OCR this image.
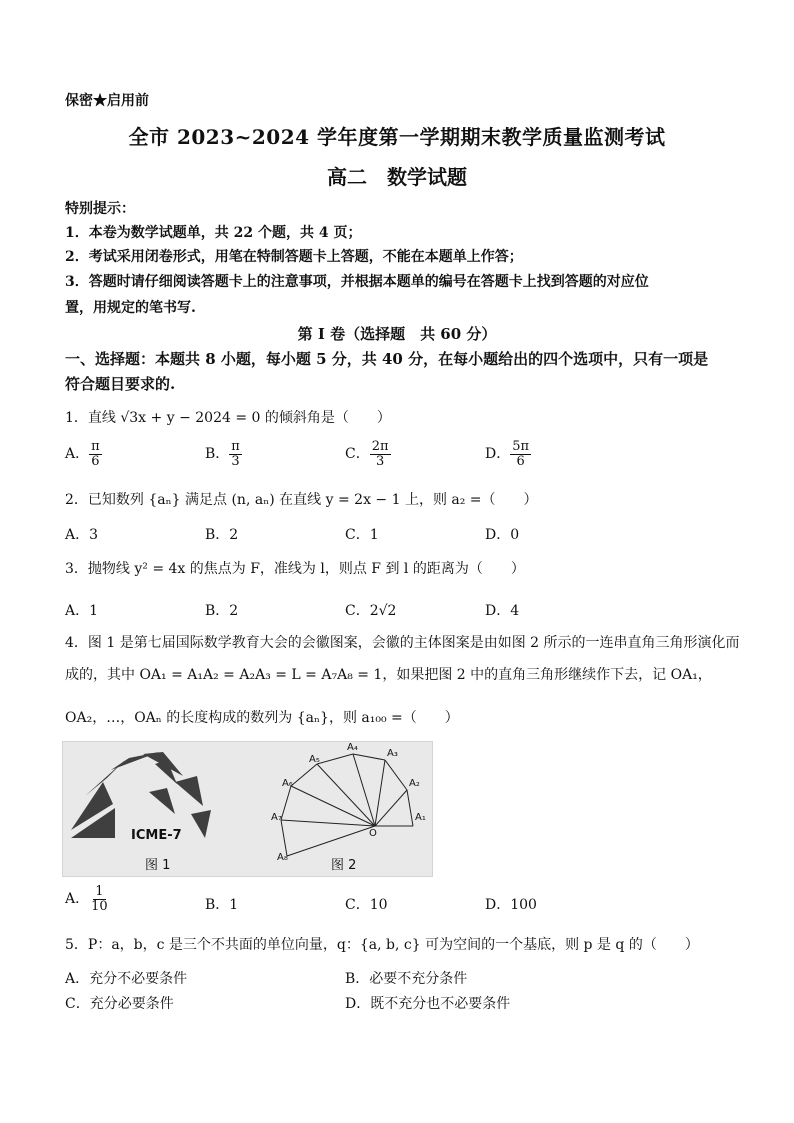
保密★启用前
全市 2023~2024 学年度第一学期期末教学质量监测考试
高二　数学试题
特别提示：
1．本卷为数学试题单，共 22 个题，共 4 页；
2．考试采用闭卷形式，用笔在特制答题卡上答题，不能在本题单上作答；
3．答题时请仔细阅读答题卡上的注意事项，并根据本题单的编号在答题卡上找到答题的对应位
置，用规定的笔书写.
第 I 卷（选择题　共 60 分）
一、选择题：本题共 8 小题，每小题 5 分，共 40 分，在每小题给出的四个选项中，只有一项是
符合题目要求的.
1．直线 √3x + y − 2024 = 0 的倾斜角是（　　）
A． $\frac{\pi}{6}$	B． $\frac{\pi}{3}$	C． $\frac{2\pi}{3}$	D． $\frac{5\pi}{6}$
2．已知数列 {aₙ} 满足点 (n, aₙ) 在直线 y = 2x − 1 上，则 a₂ =（　　）
A．3	B．2	C．1	D．0
3．抛物线 y² = 4x 的焦点为 F，准线为 l，则点 F 到 l 的距离为（　　）
A．1	B．2	C．2√2	D．4
4．图 1 是第七届国际数学教育大会的会徽图案，会徽的主体图案是由如图 2 所示的一连串直角三角形演化而
成的，其中 OA₁ = A₁A₂ = A₂A₃ = L = A₇A₈ = 1，如果把图 2 中的直角三角形继续作下去，记 OA₁，
OA₂，…，OAₙ 的长度构成的数列为 {aₙ}，则 a₁₀₀ =（　　）
ICME-7
图 1	图 2
A₁
A₂
A₃
A₄
A₅
A₆
A₇
A₈
O
A． $\frac{1}{10}$	B．1	C．10	D．100
5．P：a，b，c 是三个不共面的单位向量，q：{a, b, c} 可为空间的一个基底，则 p 是 q 的（　　）
A．充分不必要条件	B．必要不充分条件
C．充分必要条件	D．既不充分也不必要条件
